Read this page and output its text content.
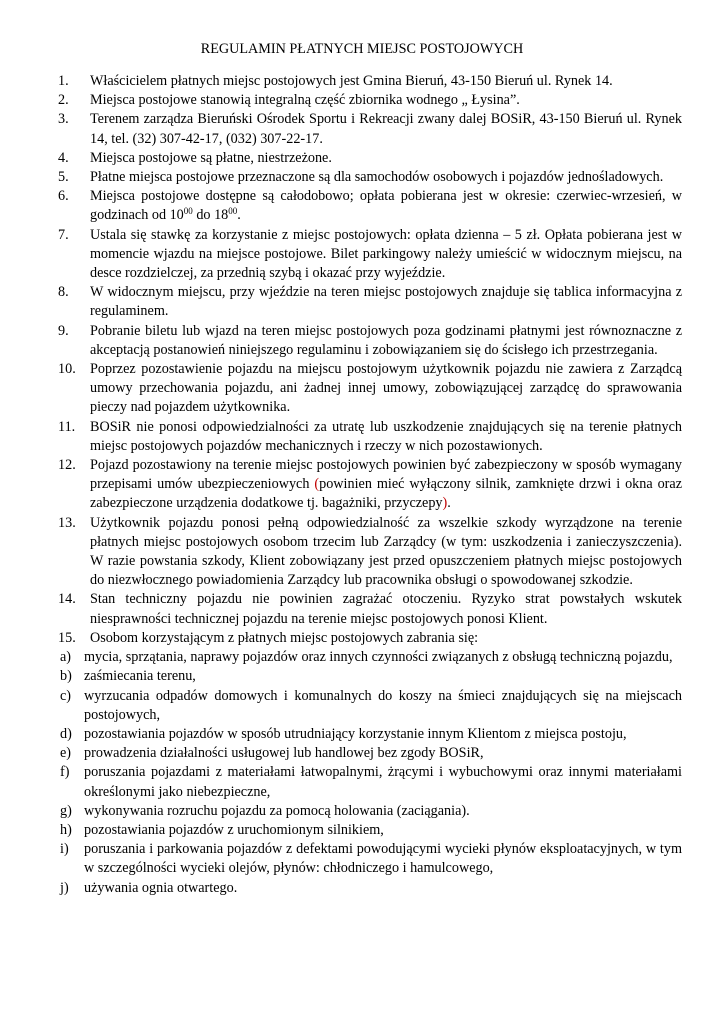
REGULAMIN PŁATNYCH MIEJSC POSTOJOWYCH
1. Właścicielem płatnych miejsc postojowych jest Gmina Bieruń, 43-150 Bieruń ul. Rynek 14.
2. Miejsca postojowe stanowią integralną część zbiornika wodnego „ Łysina”.
3. Terenem zarządza Bieruński Ośrodek Sportu i Rekreacji zwany dalej BOSiR, 43-150 Bieruń ul. Rynek 14, tel. (32) 307-42-17, (032) 307-22-17.
4. Miejsca postojowe są płatne, niestrzeżone.
5. Płatne miejsca postojowe przeznaczone są dla samochodów osobowych i pojazdów jednośladowych.
6. Miejsca postojowe dostępne są całodobowo; opłata pobierana jest w okresie: czerwiec-wrzesień, w godzinach od $10^{00}$ do $18^{00}$.
7. Ustala się stawkę za korzystanie z miejsc postojowych: opłata dzienna – 5 zł. Opłata pobierana jest w momencie wjazdu na miejsce postojowe. Bilet parkingowy należy umieścić w widocznym miejscu, na desce rozdzielczej, za przednią szybą i okazać przy wyjeździe.
8. W widocznym miejscu, przy wjeździe na teren miejsc postojowych znajduje się tablica informacyjna z regulaminem.
9. Pobranie biletu lub wjazd na teren miejsc postojowych poza godzinami płatnymi jest równoznaczne z akceptacją postanowień niniejszego regulaminu i zobowiązaniem się do ścisłego ich przestrzegania.
10. Poprzez pozostawienie pojazdu na miejscu postojowym użytkownik pojazdu nie zawiera z Zarządcą umowy przechowania pojazdu, ani żadnej innej umowy, zobowiązującej zarządcę do sprawowania pieczy nad pojazdem użytkownika.
11. BOSiR nie ponosi odpowiedzialności za utratę lub uszkodzenie znajdujących się na terenie płatnych miejsc postojowych pojazdów mechanicznych i rzeczy w nich pozostawionych.
12. Pojazd pozostawiony na terenie miejsc postojowych powinien być zabezpieczony w sposób wymagany przepisami umów ubezpieczeniowych (powinien mieć wyłączony silnik, zamknięte drzwi i okna oraz zabezpieczone urządzenia dodatkowe tj. bagażniki, przyczepy).
13. Użytkownik pojazdu ponosi pełną odpowiedzialność za wszelkie szkody wyrządzone na terenie płatnych miejsc postojowych osobom trzecim lub Zarządcy (w tym: uszkodzenia i zanieczyszczenia). W razie powstania szkody, Klient zobowiązany jest przed opuszczeniem płatnych miejsc postojowych do niezwłocznego powiadomienia Zarządcy lub pracownika obsługi o spowodowanej szkodzie.
14. Stan techniczny pojazdu nie powinien zagrażać otoczeniu. Ryzyko strat powstałych wskutek niesprawności technicznej pojazdu na terenie miejsc postojowych ponosi Klient.
15. Osobom korzystającym z płatnych miejsc postojowych zabrania się:
a) mycia, sprzątania, naprawy pojazdów oraz innych czynności związanych z obsługą techniczną pojazdu,
b) zaśmiecania terenu,
c) wyrzucania odpadów domowych i komunalnych do koszy na śmieci znajdujących się na miejscach postojowych,
d) pozostawiania pojazdów w sposób utrudniający korzystanie innym Klientom z miejsca postoju,
e) prowadzenia działalności usługowej lub handlowej bez zgody BOSiR,
f) poruszania pojazdami z materiałami łatwopalnymi, żrącymi i wybuchowymi oraz innymi materiałami określonymi jako niebezpieczne,
g) wykonywania rozruchu pojazdu za pomocą holowania (zaciągania).
h) pozostawiania pojazdów z uruchomionym silnikiem,
i) poruszania i parkowania pojazdów z defektami powodującymi wycieki płynów eksploatacyjnych, w tym w szczególności wycieki olejów, płynów: chłodniczego i hamulcowego,
j) używania ognia otwartego.
